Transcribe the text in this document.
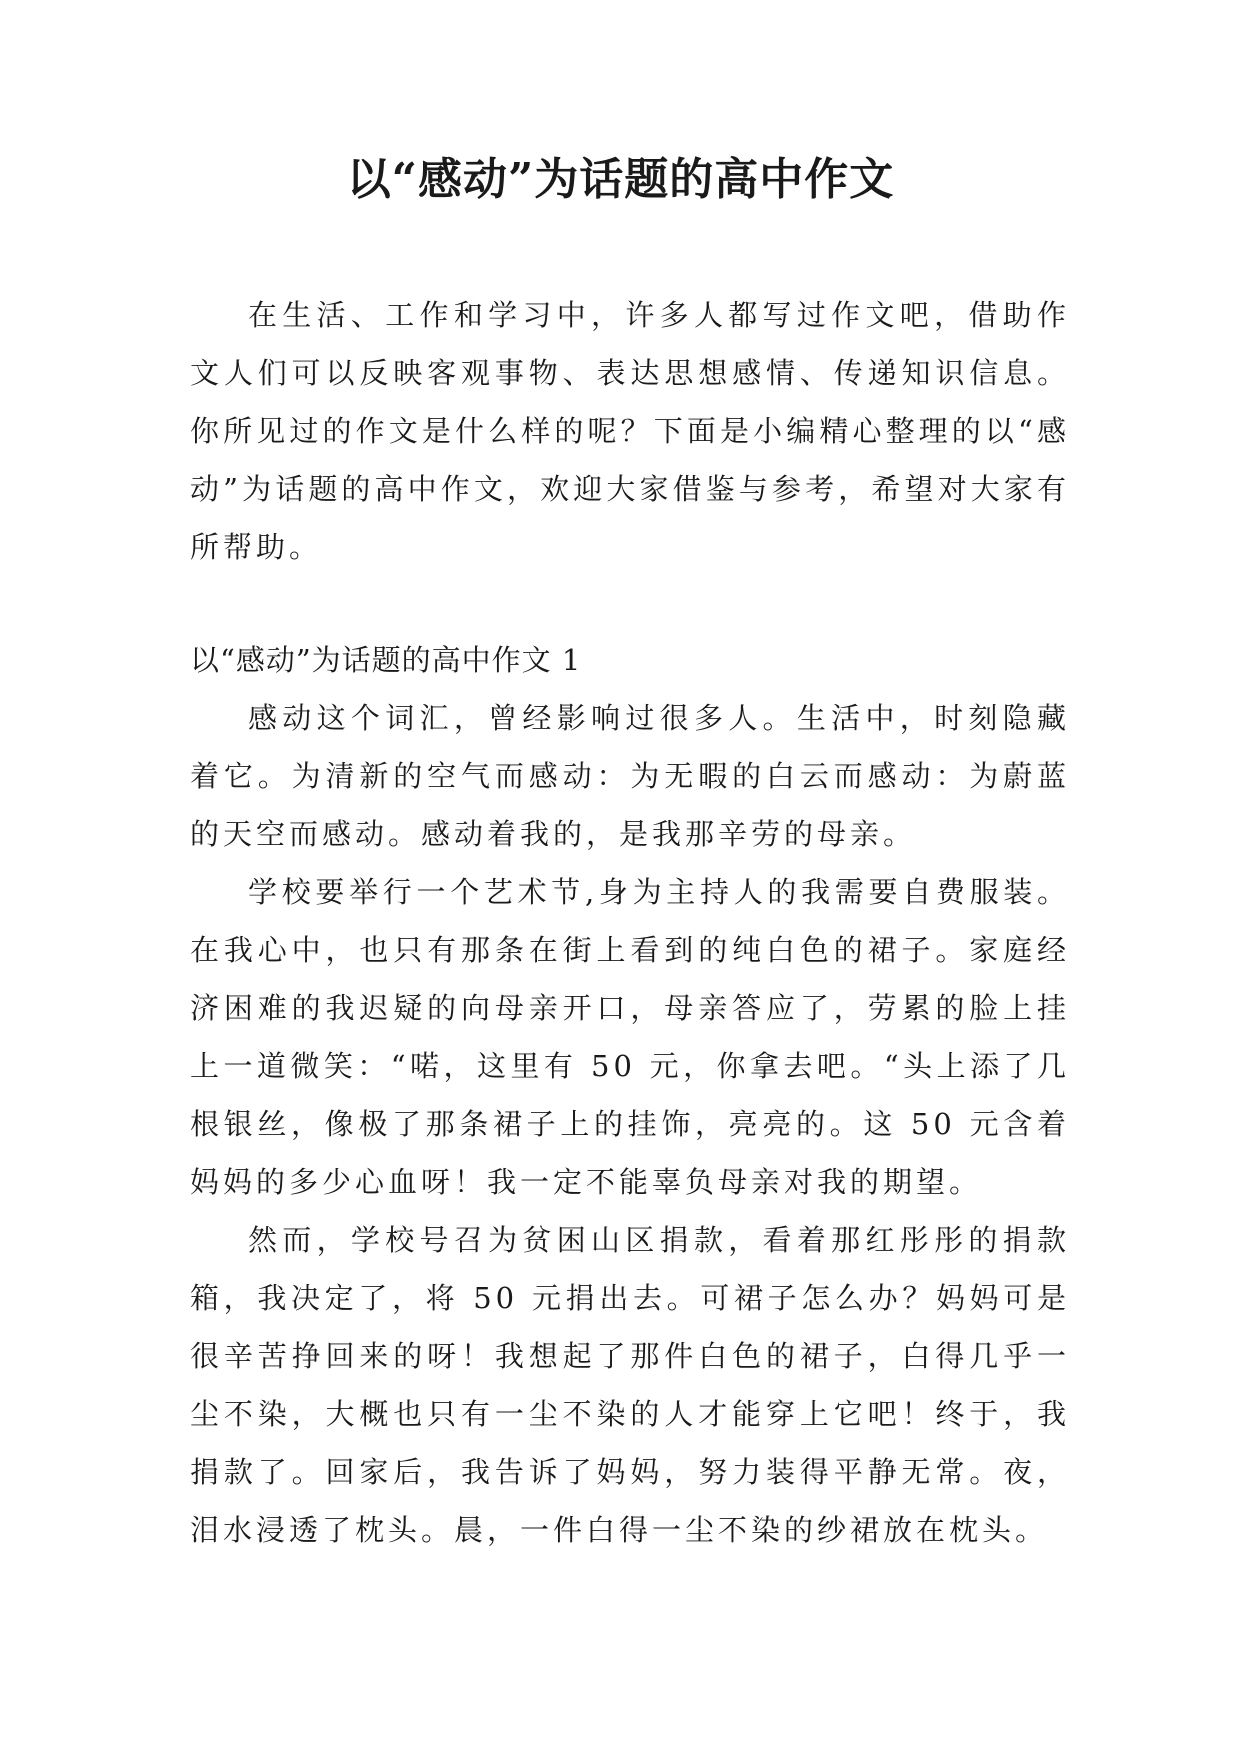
以“感动”为话题的高中作文

在生活、工作和学习中，许多人都写过作文吧，借助作文人们可以反映客观事物、表达思想感情、传递知识信息。你所见过的作文是什么样的呢？下面是小编精心整理的以“感动”为话题的高中作文，欢迎大家借鉴与参考，希望对大家有所帮助。

以“感动”为话题的高中作文 1

感动这个词汇，曾经影响过很多人。生活中，时刻隐藏着它。为清新的空气而感动：为无暇的白云而感动：为蔚蓝的天空而感动。感动着我的，是我那辛劳的母亲。

学校要举行一个艺术节,身为主持人的我需要自费服装。在我心中，也只有那条在街上看到的纯白色的裙子。家庭经济困难的我迟疑的向母亲开口，母亲答应了，劳累的脸上挂上一道微笑：“喏，这里有 50 元，你拿去吧。“头上添了几根银丝，像极了那条裙子上的挂饰，亮亮的。这 50 元含着妈妈的多少心血呀！我一定不能辜负母亲对我的期望。

然而，学校号召为贫困山区捐款，看着那红彤彤的捐款箱，我决定了，将 50 元捐出去。可裙子怎么办？妈妈可是很辛苦挣回来的呀！我想起了那件白色的裙子，白得几乎一尘不染，大概也只有一尘不染的人才能穿上它吧！终于，我捐款了。回家后，我告诉了妈妈，努力装得平静无常。夜，泪水浸透了枕头。晨，一件白得一尘不染的纱裙放在枕头。
